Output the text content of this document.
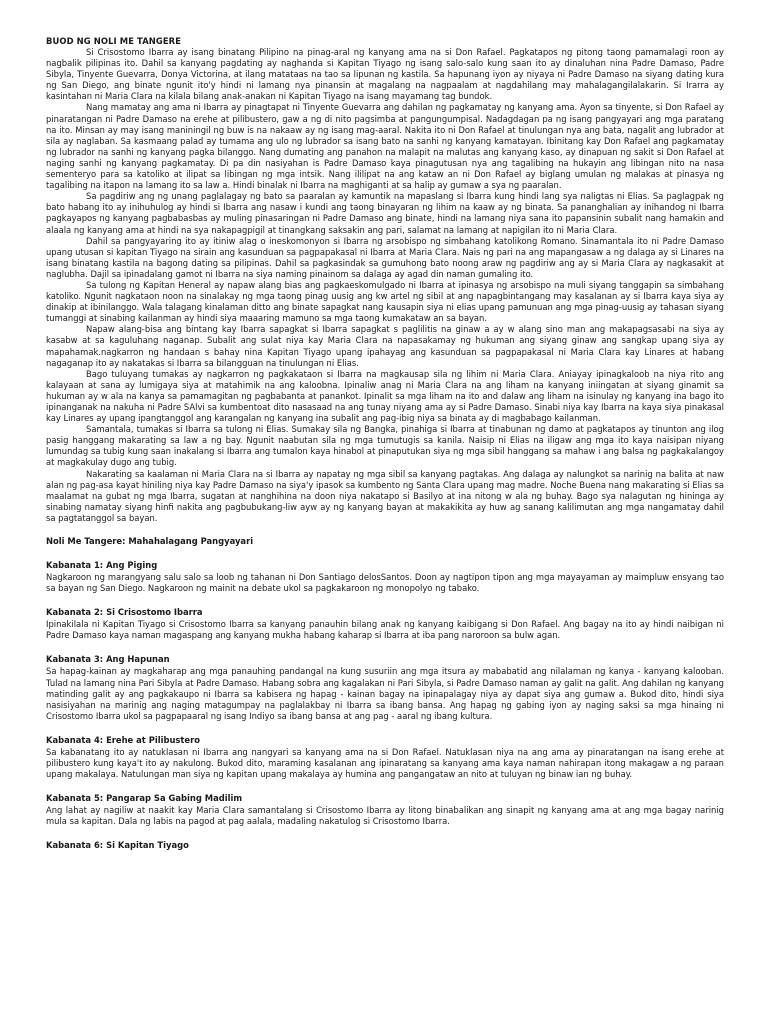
BUOD NG NOLI ME TANGERE

Si Crisostomo Ibarra ay isang binatang Pilipino na pinag-aral ng kanyang ama na si Don Rafael. Pagkatapos ng pitong taong pamamalagi roon ay nagbalik pilipinas ito. Dahil sa kanyang pagdating ay naghanda si Kapitan Tiyago ng isang salo-salo kung saan ito ay dinaluhan nina Padre Damaso, Padre Sibyla, Tinyente Guevarra, Donya Victorina, at ilang matataas na tao sa lipunan ng kastila. Sa hapunang iyon ay niyaya ni Padre Damaso na siyang dating kura ng San Diego, ang binate ngunit ito'y hindi ni lamang nya pinansin at magalang na nagpaalam at nagdahilang may mahalagangilalakarin. Si Irarra ay kasintahan ni Maria Clara na kilala bilang anak-anakan ni Kapitan Tiyago na isang mayamang tag bundok.

Nang mamatay ang ama ni Ibarra ay pinagtapat ni Tinyente Guevarra ang dahilan ng pagkamatay ng kanyang ama. Ayon sa tinyente, si Don Rafael ay pinaratangan ni Padre Damaso na erehe at pilibustero, gaw a ng di nito pagsimba at pangungumpisal. Nadagdagan pa ng isang pangyayari ang mga paratang na ito. Minsan ay may isang maniningil ng buw is na nakaaw ay ng isang mag-aaral. Nakita ito ni Don Rafael at tinulungan nya ang bata, nagalit ang lubrador at sila ay naglaban. Sa kasmaang palad ay tumama ang ulo ng lubrador sa isang bato na sanhi ng kanyang kamatayan. Ibinitang kay Don Rafael ang pagkamatay ng lubrador na sanhi ng kanyang pagka bilanggo. Nang dumating ang panahon na malapit na malutas ang kanyang kaso, ay dinapuan ng sakit si Don Rafael at naging sanhi ng kanyang pagkamatay. Di pa din nasiyahan is Padre Damaso kaya pinagutusan nya ang tagalibing na hukayin ang libingan nito na nasa sementeryo para sa katoliko at ilipat sa libingan ng mga intsik. Nang ililipat na ang kataw an ni Don Rafael ay biglang umulan ng malakas at pinasya ng tagalibing na itapon na lamang ito sa law a. Hindi binalak ni Ibarra na maghiganti at sa halip ay gumaw a sya ng paaralan.

Sa pagdiriw ang ng unang paglalagay ng bato sa paaralan ay kamuntik na mapaslang si Ibarra kung hindi lang sya naligtas ni Elias. Sa paglagpak ng bato habang ito ay inihuhulog ay hindi si Ibarra ang nasaw i kundi ang taong binayaran ng lihim na kaaw ay ng binata. Sa pananghalian ay inihandog ni Ibarra pagkayapos ng kanyang pagbabasbas ay muling pinasaringan ni Padre Damaso ang binate, hindi na lamang niya sana ito papansinin subalit nang hamakin and alaala ng kanyang ama at hindi na sya nakapagpigil at tinangkang saksakin ang pari, salamat na lamang at napigilan ito ni Maria Clara.

Dahil sa pangyayaring ito ay itiniw alag o ineskomonyon si Ibarra ng arsobispo ng simbahang katolikong Romano. Sinamantala ito ni Padre Damaso upang utusan si kapitan Tiyago na sirain ang kasunduan sa pagpapakasal ni Ibarra at Maria Clara. Nais ng pari na ang mapangasaw a ng dalaga ay si Linares na isang binatang kastila na bagong dating sa pilipinas. Dahil sa pagkasindak sa gumuhong bato noong araw ng pagdiriw ang ay si Maria Clara ay nagkasakit at naglubha. Dajil sa ipinadalang gamot ni Ibarra na siya naming pinainom sa dalaga ay agad din naman gumaling ito.

Sa tulong ng Kapitan Heneral ay napaw alang bias ang pagkaeskomulgado ni Ibarra at ipinasya ng arsobispo na muli siyang tanggapin sa simbahang katoliko. Ngunit nagkataon noon na sinalakay ng mga taong pinag uusig ang kw artel ng sibil at ang napagbintangang may kasalanan ay si Ibarra kaya siya ay dinakip at ibinilanggo. Wala talagang kinalaman ditto ang binate sapagkat nang kausapin siya ni elias upang pamunuan ang mga pinag-uusig ay tahasan siyang tumanggi at sinabing kailanman ay hindi siya maaaring mamuno sa mga taong kumakataw an sa bayan.

Napaw alang-bisa ang bintang kay Ibarra sapagkat si Ibarra sapagkat s paglilitis na ginaw a ay w alang sino man ang makapagsasabi na siya ay kasabw at sa kaguluhang naganap. Subalit ang sulat niya kay Maria Clara na napasakamay ng hukuman ang siyang ginaw ang sangkap upang siya ay mapahamak.nagkarron ng handaan s bahay nina Kapitan Tiyago upang ipahayag ang kasunduan sa pagpapakasal ni Maria Clara kay Linares at habang nagaganap ito ay nakatakas si Ibarra sa bilangguan na tinulungan ni Elias.

Bago tuluyang tumakas ay nagkarron ng pagkakataon si Ibarra na magkausap sila ng lihim ni Maria Clara. Aniayay ipinagkaloob na niya rito ang kalayaan at sana ay lumigaya siya at matahimik na ang kaloobna. Ipinaliw anag ni Maria Clara na ang liham na kanyang iniingatan at siyang ginamit sa hukuman ay w ala na kanya sa pamamagitan ng pagbabanta at panankot. Ipinalit sa mga liham na ito and dalaw ang liham na isinulay ng kanyang ina bago ito ipinanganak na nakuha ni Padre SAlvi sa kumbentoat dito nasasaad na ang tunay niyang ama ay si Padre Damaso. Sinabi niya kay Ibarra na kaya siya pinakasal kay Linares ay upang ipangtanggol ang karangalan ng kanyang ina subalit ang pag-ibig niya sa binata ay di magbabago kailanman.

Samantala, tumakas si Ibarra sa tulong ni Elias. Sumakay sila ng Bangka, pinahiga si Ibarra at tinabunan ng damo at pagkatapos ay tinunton ang ilog pasig hanggang makarating sa law a ng bay. Ngunit naabutan sila ng mga tumutugis sa kanila. Naisip ni Elias na iligaw ang mga ito kaya naisipan niyang lumundag sa tubig kung saan inakalang si Ibarra ang tumalon kaya hinabol at pinaputukan siya ng mga sibil hanggang sa mahaw i ang balsa ng pagkakalangoy at magkakulay dugo ang tubig.

Nakarating sa kaalaman ni Maria Clara na si Ibarra ay napatay ng mga sibil sa kanyang pagtakas. Ang dalaga ay nalungkot sa narinig na balita at naw alan ng pag-asa kayat hiniling niya kay Padre Damaso na siya'y ipasok sa kumbento ng Santa Clara upang mag madre. Noche Buena nang makarating si Elias sa maalamat na gubat ng mga Ibarra, sugatan at nanghihina na doon niya nakatapo si Basilyo at ina nitong w ala ng buhay. Bago sya nalagutan ng hininga ay sinabing namatay siyang hinfi nakita ang pagbubukang-liw ayw ay ng kanyang bayan at makakikita ay huw ag sanang kalilimutan ang mga nangamatay dahil sa pagtatanggol sa bayan.

Noli Me Tangere: Mahahalagang Pangyayari
Kabanata 1: Ang Piging

Nagkaroon ng marangyang salu salo sa loob ng tahanan ni Don Santiago delosSantos. Doon ay nagtipon tipon ang mga mayayaman ay maimpluw ensyang tao sa bayan ng San Diego. Nagkaroon ng mainit na debate ukol sa pagkakaroon ng monopolyo ng tabako.

Kabanata 2: Si Crisostomo Ibarra

Ipinakilala ni Kapitan Tiyago si Crisostomo Ibarra sa kanyang panauhin bilang anak ng kanyang kaibigang si Don Rafael. Ang bagay na ito ay hindi naibigan ni Padre Damaso kaya naman magaspang ang kanyang mukha habang kaharap si Ibarra at iba pang naroroon sa bulw agan.

Kabanata 3: Ang Hapunan

Sa hapag-kainan ay magkaharap ang mga panauhing pandangal na kung susuriin ang mga itsura ay mababatid ang nilalaman ng kanya - kanyang kalooban. Tulad na lamang nina Pari Sibyla at Padre Damaso. Habang sobra ang kagalakan ni Pari Sibyla, si Padre Damaso naman ay galit na galit. Ang dahilan ng kanyang matinding galit ay ang pagkakaupo ni Ibarra sa kabisera ng hapag - kainan bagay na ipinapalagay niya ay dapat siya ang gumaw a. Bukod dito, hindi siya nasisiyahan na marinig ang naging matagumpay na paglalakbay ni Ibarra sa ibang bansa. Ang hapag ng gabing iyon ay naging saksi sa mga hinaing ni Crisostomo Ibarra ukol sa pagpapaaral ng isang Indiyo sa ibang bansa at ang pag - aaral ng ibang kultura.

Kabanata 4: Erehe at Pilibustero

Sa kabanatang ito ay natuklasan ni Ibarra ang nangyari sa kanyang ama na si Don Rafael. Natuklasan niya na ang ama ay pinaratangan na isang erehe at pilibustero kung kaya't ito ay nakulong. Bukod dito, maraming kasalanan ang ipinaratang sa kanyang ama kaya naman nahirapan itong makagaw a ng paraan upang makalaya. Natulungan man siya ng kapitan upang makalaya ay humina ang pangangataw an nito at tuluyan ng binaw ian ng buhay.

Kabanata 5: Pangarap Sa Gabing Madilim

Ang lahat ay nagiliw at naakit kay Maria Clara samantalang si Crisostomo Ibarra ay litong binabalikan ang sinapit ng kanyang ama at ang mga bagay narinig mula sa kapitan. Dala ng labis na pagod at pag aalala, madaling nakatulog si Crisostomo Ibarra.

Kabanata 6: Si Kapitan Tiyago
